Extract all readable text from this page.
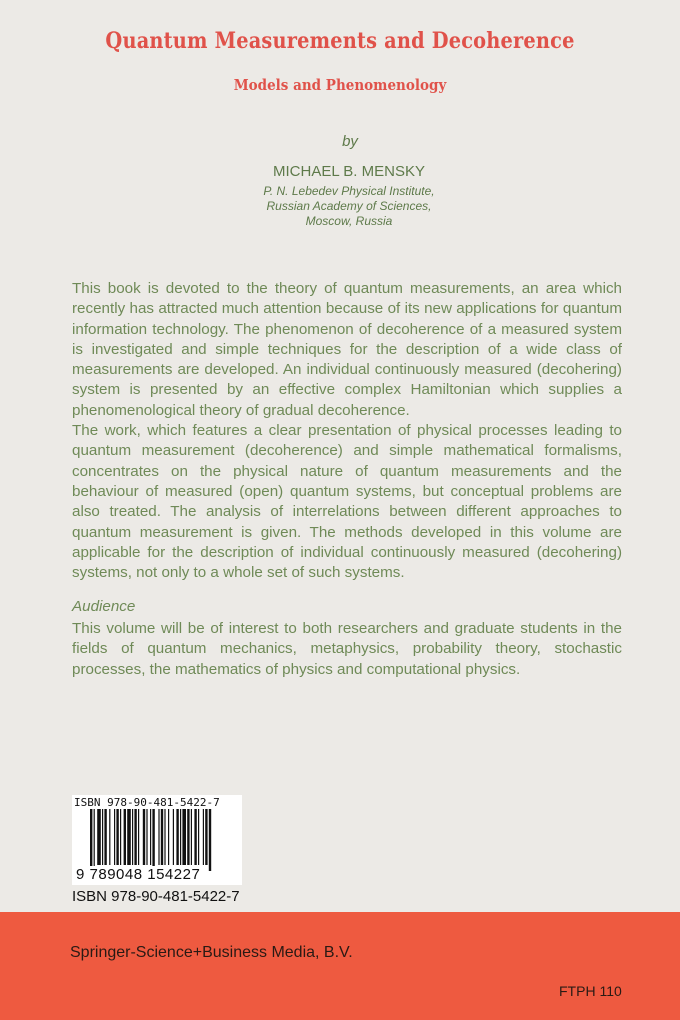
Quantum Measurements and Decoherence
Models and Phenomenology
by
MICHAEL B. MENSKY
P. N. Lebedev Physical Institute,
Russian Academy of Sciences,
Moscow, Russia

This book is devoted to the theory of quantum measurements, an area which recently has attracted much attention because of its new applications for quantum information technology. The phenomenon of decoherence of a measured system is investigated and simple techniques for the description of a wide class of measurements are developed. An individual continuously measured (decohering) system is presented by an effective complex Hamiltonian which supplies a phenomenological theory of gradual decoherence.

The work, which features a clear presentation of physical processes leading to quantum measurement (decoherence) and simple mathematical formalisms, concentrates on the physical nature of quantum measurements and the behaviour of measured (open) quantum systems, but conceptual problems are also treated. The analysis of interrelations between different approaches to quantum measurement is given. The methods developed in this volume are applicable for the description of individual continuously measured (decohering) systems, not only to a whole set of such systems.

Audience
This volume will be of interest to both researchers and graduate students in the fields of quantum mechanics, metaphysics, probability theory, stochastic processes, the mathematics of physics and computational physics.
ISBN 978-90-481-5422-7
9 789048 154227
ISBN 978-90-481-5422-7
Springer-Science+Business Media, B.V.
FTPH 110
